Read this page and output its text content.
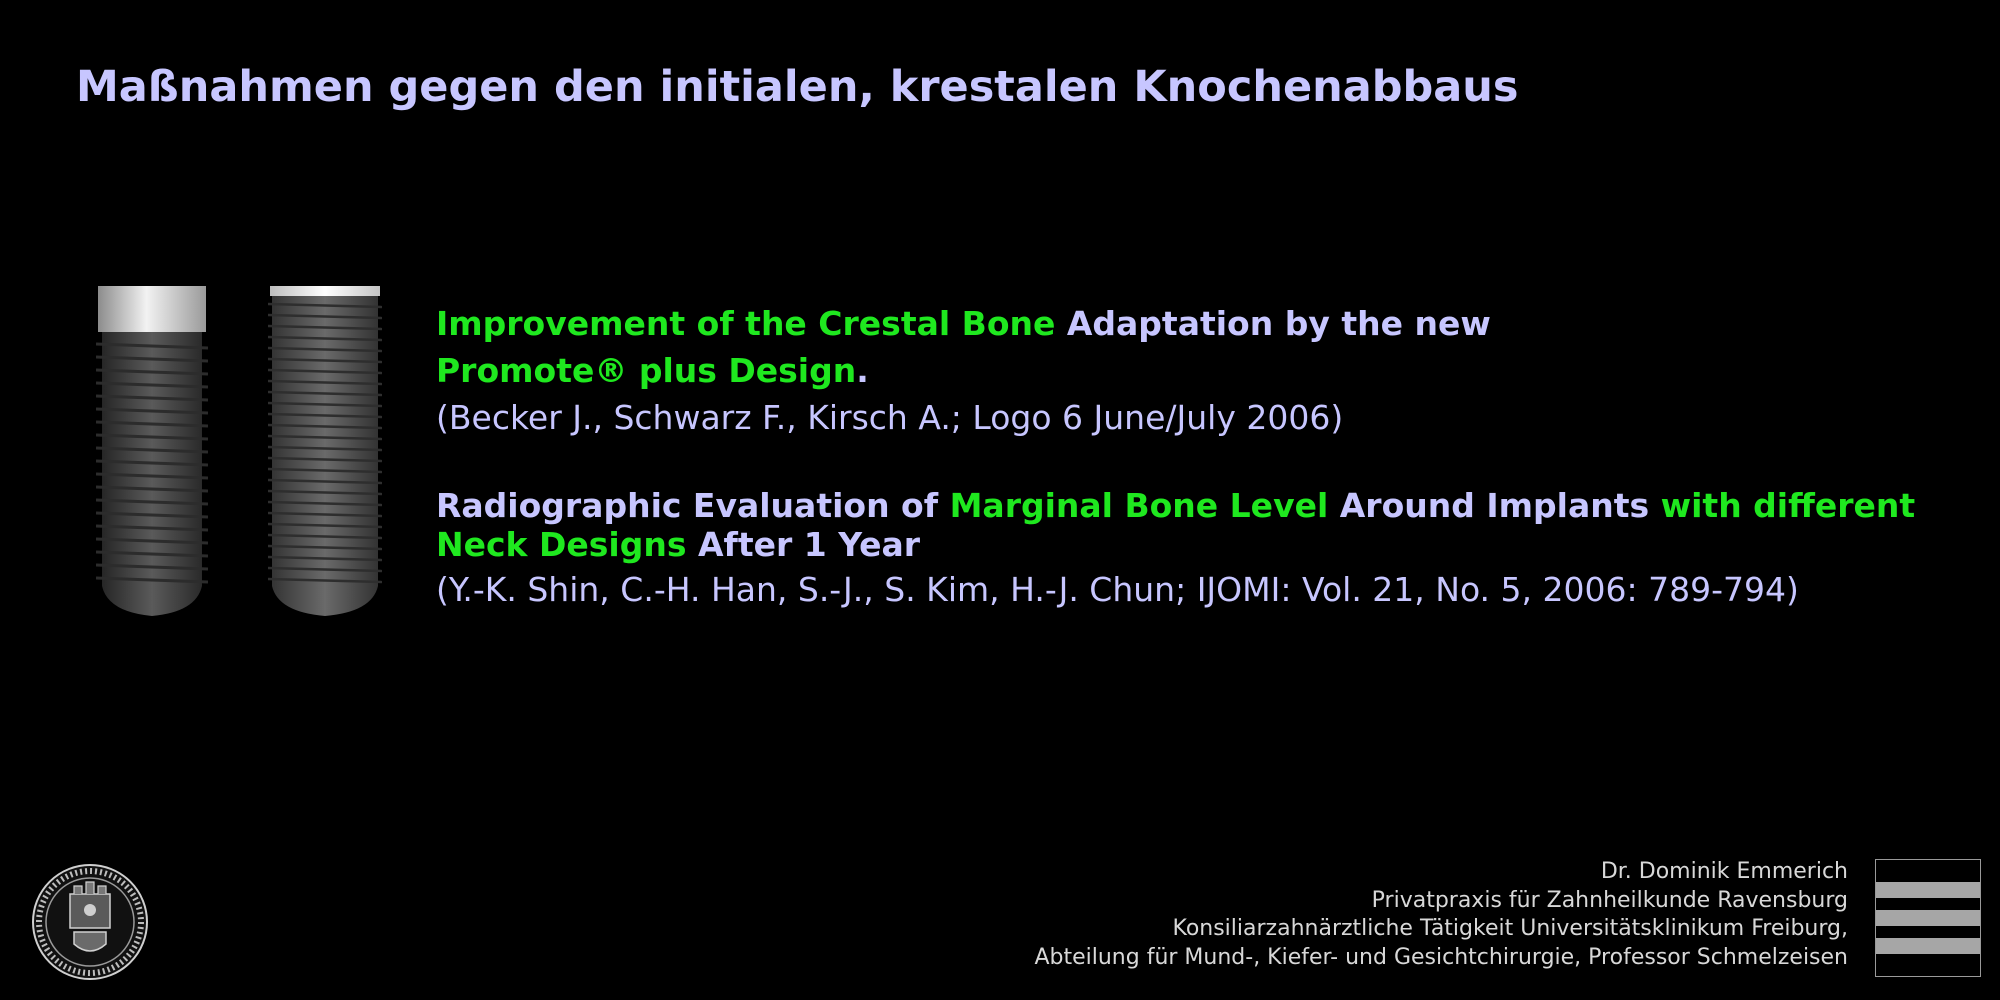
Maßnahmen gegen den initialen, krestalen Knochenabbaus

Improvement of the Crestal Bone Adaptation by the new

Promote® plus Design.

(Becker J., Schwarz F., Kirsch A.; Logo 6 June/July 2006)

Radiographic Evaluation of Marginal Bone Level Around Implants with different Neck Designs After 1 Year

(Y.-K. Shin, C.-H. Han, S.-J., S. Kim, H.-J. Chun; IJOMI: Vol. 21, No. 5, 2006: 789-794)

Dr. Dominik Emmerich
Privatpraxis für Zahnheilkunde Ravensburg
Konsiliarzahnärztliche Tätigkeit Universitätsklinikum Freiburg,
Abteilung für Mund-, Kiefer- und Gesichtchirurgie, Professor Schmelzeisen
